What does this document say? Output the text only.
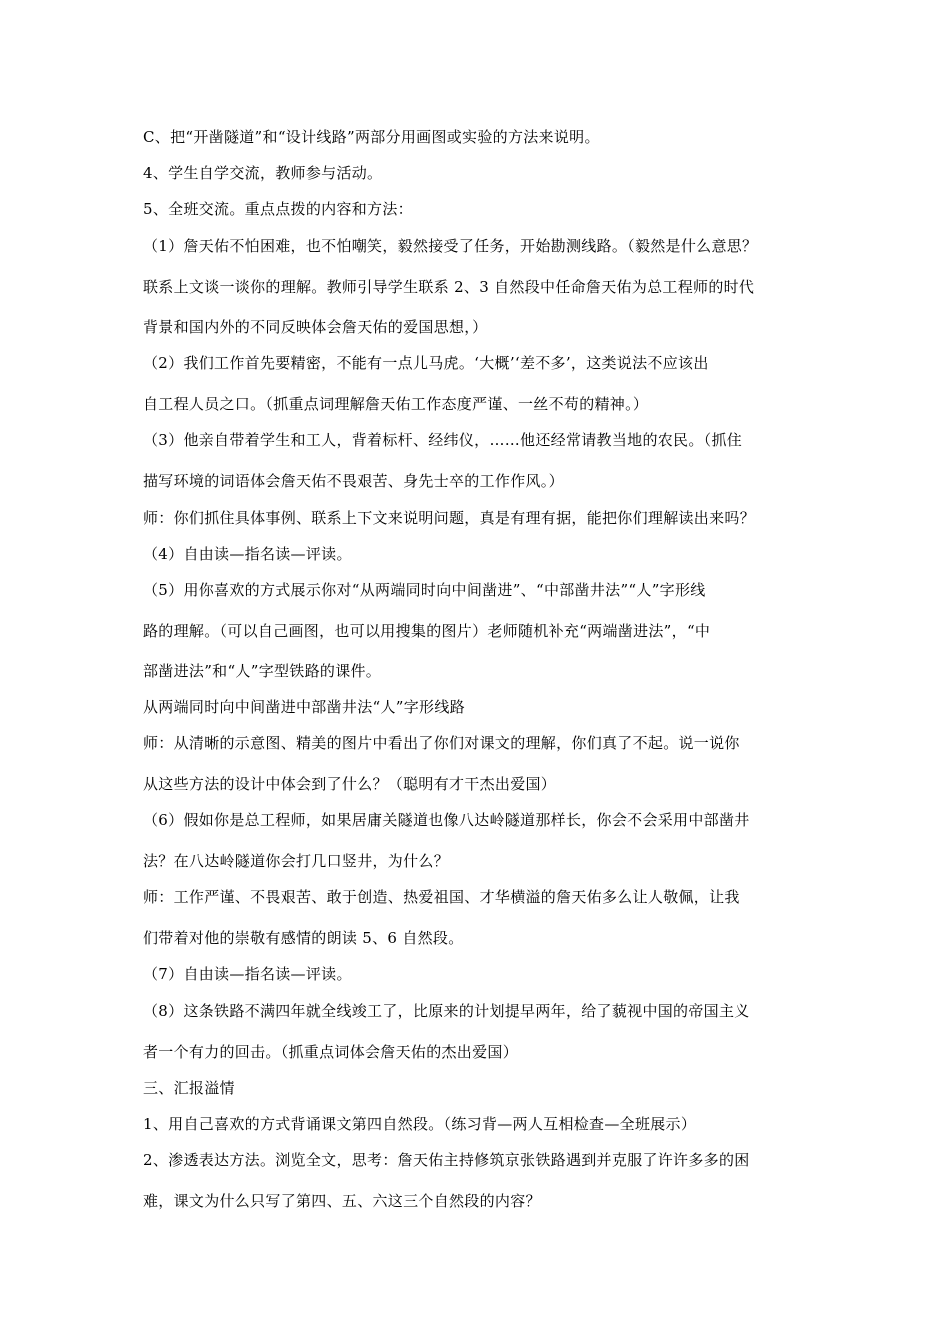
C、把“开凿隧道”和“设计线路”两部分用画图或实验的方法来说明。
4、学生自学交流，教师参与活动。
5、全班交流。重点点拨的内容和方法：
（1）詹天佑不怕困难，也不怕嘲笑，毅然接受了任务，开始勘测线路。（毅然是什么意思？
联系上文谈一谈你的理解。教师引导学生联系 2、3 自然段中任命詹天佑为总工程师的时代
背景和国内外的不同反映体会詹天佑的爱国思想，）
（2）我们工作首先要精密，不能有一点儿马虎。‘大概’‘差不多’，这类说法不应该出
自工程人员之口。（抓重点词理解詹天佑工作态度严谨、一丝不苟的精神。）
（3）他亲自带着学生和工人，背着标杆、经纬仪，……他还经常请教当地的农民。（抓住
描写环境的词语体会詹天佑不畏艰苦、身先士卒的工作作风。）
师：你们抓住具体事例、联系上下文来说明问题，真是有理有据，能把你们理解读出来吗？
（4）自由读—指名读—评读。
（5）用你喜欢的方式展示你对“从两端同时向中间凿进”、“中部凿井法”“人”字形线
路的理解。（可以自己画图，也可以用搜集的图片）老师随机补充“两端凿进法”，“中
部凿进法”和“人”字型铁路的课件。
从两端同时向中间凿进中部凿井法“人”字形线路
师：从清晰的示意图、精美的图片中看出了你们对课文的理解，你们真了不起。说一说你
从这些方法的设计中体会到了什么？（聪明有才干杰出爱国）
（6）假如你是总工程师，如果居庸关隧道也像八达岭隧道那样长，你会不会采用中部凿井
法？在八达岭隧道你会打几口竖井，为什么？
师：工作严谨、不畏艰苦、敢于创造、热爱祖国、才华横溢的詹天佑多么让人敬佩，让我
们带着对他的崇敬有感情的朗读 5、6 自然段。
（7）自由读—指名读—评读。
（8）这条铁路不满四年就全线竣工了，比原来的计划提早两年，给了藐视中国的帝国主义
者一个有力的回击。（抓重点词体会詹天佑的杰出爱国）
三、汇报溢情
1、用自己喜欢的方式背诵课文第四自然段。（练习背—两人互相检查—全班展示）
2、渗透表达方法。浏览全文，思考：詹天佑主持修筑京张铁路遇到并克服了许许多多的困
难，课文为什么只写了第四、五、六这三个自然段的内容？
